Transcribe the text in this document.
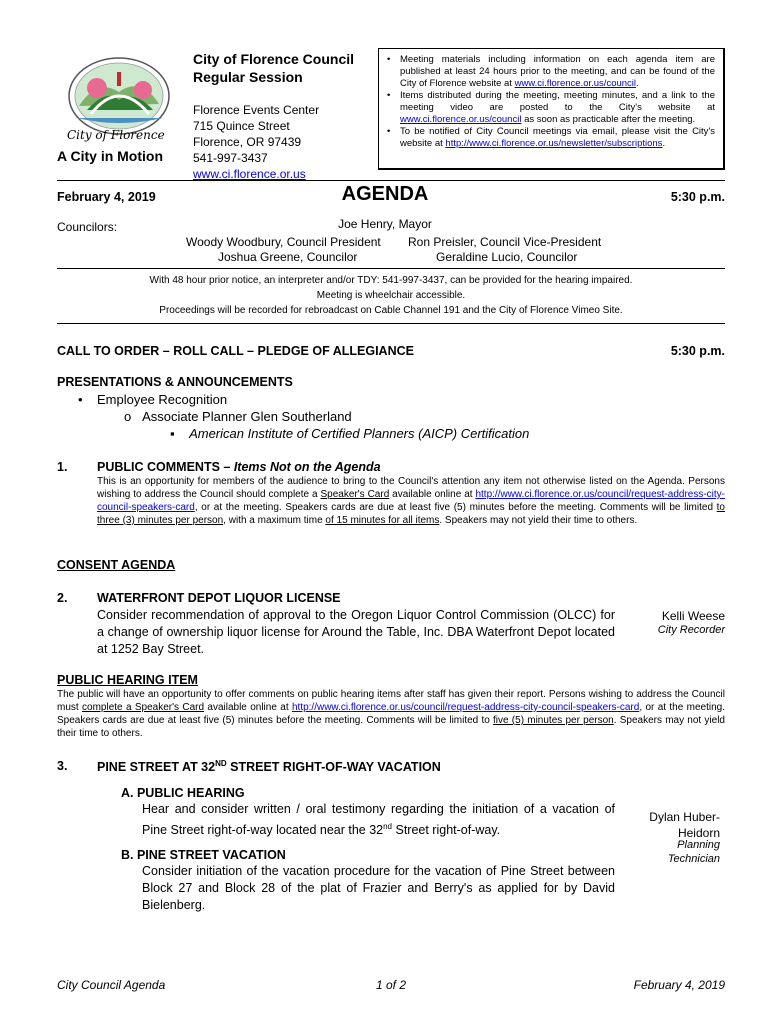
City of Florence
A City in Motion
City of Florence Council
Regular Session
Florence Events Center
715 Quince Street
Florence, OR 97439
541-997-3437
www.ci.florence.or.us
• Meeting materials including information on each agenda item are published at least 24 hours prior to the meeting, and can be found of the City of Florence website at www.ci.florence.or.us/council.
• Items distributed during the meeting, meeting minutes, and a link to the meeting video are posted to the City's website at www.ci.florence.or.us/council as soon as practicable after the meeting.
• To be notified of City Council meetings via email, please visit the City's website at http://www.ci.florence.or.us/newsletter/subscriptions.
February 4, 2019	AGENDA	5:30 p.m.
Councilors:	Joe Henry, Mayor
Woody Woodbury, Council President Ron Preisler, Council Vice-President
Joshua Greene, Councilor	Geraldine Lucio, Councilor
With 48 hour prior notice, an interpreter and/or TDY: 541-997-3437, can be provided for the hearing impaired.
Meeting is wheelchair accessible.
Proceedings will be recorded for rebroadcast on Cable Channel 191 and the City of Florence Vimeo Site.
CALL TO ORDER – ROLL CALL – PLEDGE OF ALLEGIANCE	5:30 p.m.
PRESENTATIONS & ANNOUNCEMENTS
•    Employee Recognition
o   Associate Planner Glen Southerland
▪ American Institute of Certified Planners (AICP) Certification
1. PUBLIC COMMENTS – Items Not on the Agenda
This is an opportunity for members of the audience to bring to the Council's attention any item not otherwise listed on the Agenda. Persons wishing to address the Council should complete a Speaker's Card available online at http://www.ci.florence.or.us/council/request-address-city-council-speakers-card, or at the meeting. Speakers cards are due at least five (5) minutes before the meeting. Comments will be limited to three (3) minutes per person, with a maximum time of 15 minutes for all items. Speakers may not yield their time to others.
CONSENT AGENDA
2. WATERFRONT DEPOT LIQUOR LICENSE
Consider recommendation of approval to the Oregon Liquor Control Commission (OLCC) for a change of ownership liquor license for Around the Table, Inc. DBA Waterfront Depot located at 1252 Bay Street.
Kelli Weese
City Recorder
PUBLIC HEARING ITEM
The public will have an opportunity to offer comments on public hearing items after staff has given their report. Persons wishing to address the Council must complete a Speaker's Card available online at http://www.ci.florence.or.us/council/request-address-city-council-speakers-card, or at the meeting. Speakers cards are due at least five (5) minutes before the meeting. Comments will be limited to five (5) minutes per person. Speakers may not yield their time to others.
3. PINE STREET AT 32ND STREET RIGHT-OF-WAY VACATION
A. PUBLIC HEARING
Hear and consider written / oral testimony regarding the initiation of a vacation of Pine Street right-of-way located near the 32nd Street right-of-way.
B. PINE STREET VACATION
Consider initiation of the vacation procedure for the vacation of Pine Street between Block 27 and Block 28 of the plat of Frazier and Berry's as applied for by David Bielenberg.
Dylan Huber-
Heidorn
Planning
Technician
City Council Agenda	1 of 2	February 4, 2019
